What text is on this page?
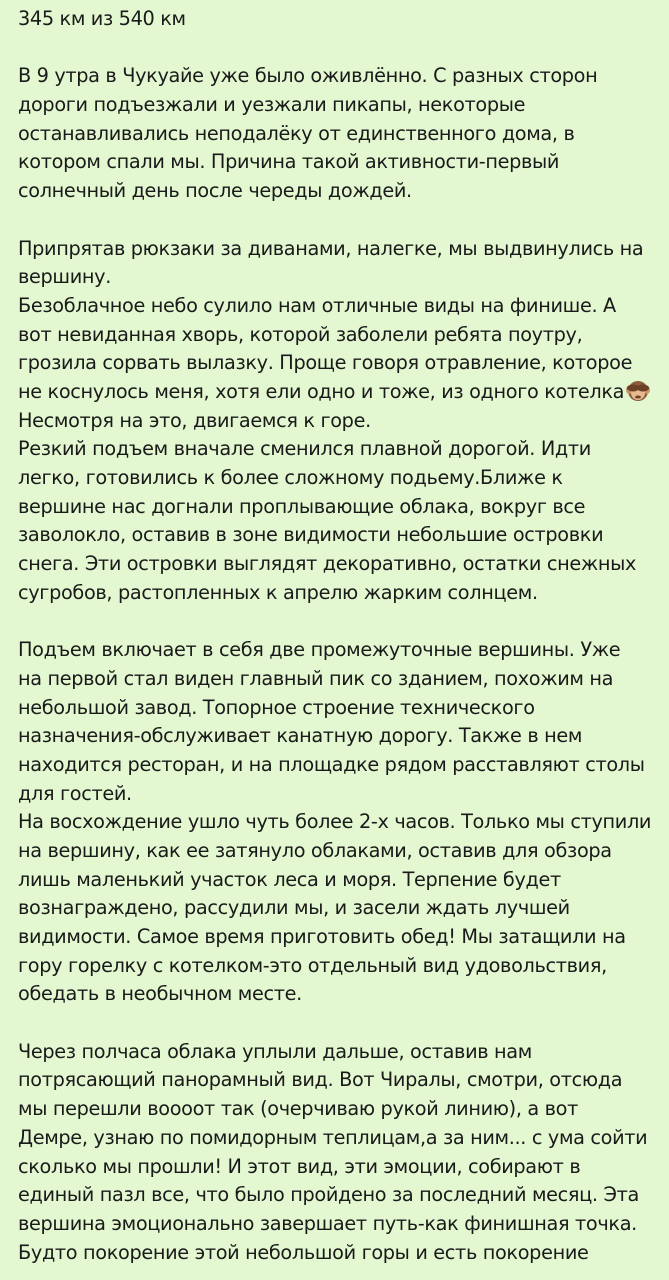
345 км из 540 км
В 9 утра в Чукуайе уже было оживлённо. С разных сторон
дороги подъезжали и уезжали пикапы, некоторые
останавливались неподалёку от единственного дома, в
котором спали мы. Причина такой активности-первый
солнечный день после череды дождей.
Припрятав рюкзаки за диванами, налегке, мы выдвинулись на
вершину.
Безоблачное небо сулило нам отличные виды на финише. А
вот невиданная хворь, которой заболели ребята поутру,
грозила сорвать вылазку. Проще говоря отравление, которое
не коснулось меня, хотя ели одно и тоже, из одного котелка
Несмотря на это, двигаемся к горе.
Резкий подъем вначале сменился плавной дорогой. Идти
легко, готовились к более сложному подьему.Ближе к
вершине нас догнали проплывающие облака, вокруг все
заволокло, оставив в зоне видимости небольшие островки
снега. Эти островки выглядят декоративно, остатки снежных
сугробов, растопленных к апрелю жарким солнцем.
Подъем включает в себя две промежуточные вершины. Уже
на первой стал виден главный пик со зданием, похожим на
небольшой завод. Топорное строение технического
назначения-обслуживает канатную дорогу. Также в нем
находится ресторан, и на площадке рядом расставляют столы
для гостей.
На восхождение ушло чуть более 2-х часов. Только мы ступили
на вершину, как ее затянуло облаками, оставив для обзора
лишь маленький участок леса и моря. Терпение будет
вознаграждено, рассудили мы, и засели ждать лучшей
видимости. Самое время приготовить обед! Мы затащили на
гору горелку с котелком-это отдельный вид удовольствия,
обедать в необычном месте.
Через полчаса облака уплыли дальше, оставив нам
потрясающий панорамный вид. Вот Чиралы, смотри, отсюда
мы перешли вооoот так (очерчиваю рукой линию), а вот
Демре, узнаю по помидорным теплицам,а за ним... с ума сойти
сколько мы прошли! И этот вид, эти эмоции, собирают в
единый пазл все, что было пройдено за последний месяц. Эта
вершина эмоционально завершает путь-как финишная точка.
Будто покорение этой небольшой горы и есть покорение
